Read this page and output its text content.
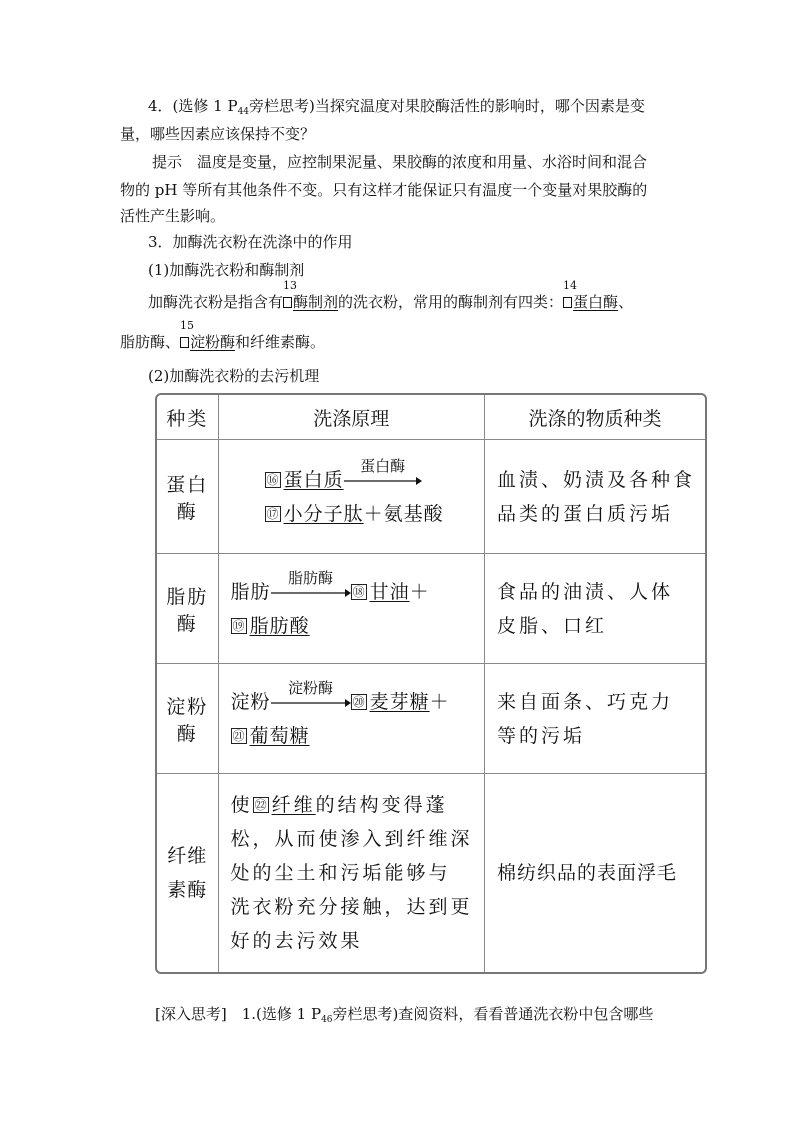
4．(选修 1 $P_{44}$旁栏思考)当探究温度对果胶酶活性的影响时，哪个因素是变
量，哪些因素应该保持不变？
提示　温度是变量，应控制果泥量、果胶酶的浓度和用量、水浴时间和混合
物的 pH 等所有其他条件不变。只有这样才能保证只有温度一个变量对果胶酶的
活性产生影响。
3．加酶洗衣粉在洗涤中的作用
(1)加酶洗衣粉和酶制剂
加酶洗衣粉是指含有
13
酶制剂的洗衣粉，常用的酶制剂有四类：
14
蛋白酶、
脂肪酶、
15
淀粉酶和纤维素酶。
(2)加酶洗衣粉的去污机理
种类	洗涤原理	洗涤的物质种类
蛋白酶	⑯ 蛋白质
蛋白酶
⑰ 小分子肽＋氨基酸	血渍、奶渍及各种食
品类的蛋白质污垢

脂肪酶	脂肪
脂肪酶
⑱ 甘油＋
⑲ 脂肪酸	食品的油渍、人体
皮脂、口红

淀粉酶	淀粉
淀粉酶
⑳ 麦芽糖＋
㉑ 葡萄糖	来自面条、巧克力
等的污垢

纤维
素酶	使 ㉒ 纤维的结构变得蓬
松，从而使渗入到纤维深
处的尘土和污垢能够与
洗衣粉充分接触，达到更
好的去污效果	棉纺织品的表面浮毛
[深入思考]　1.(选修 1 $P_{46}$旁栏思考)查阅资料，看看普通洗衣粉中包含哪些
